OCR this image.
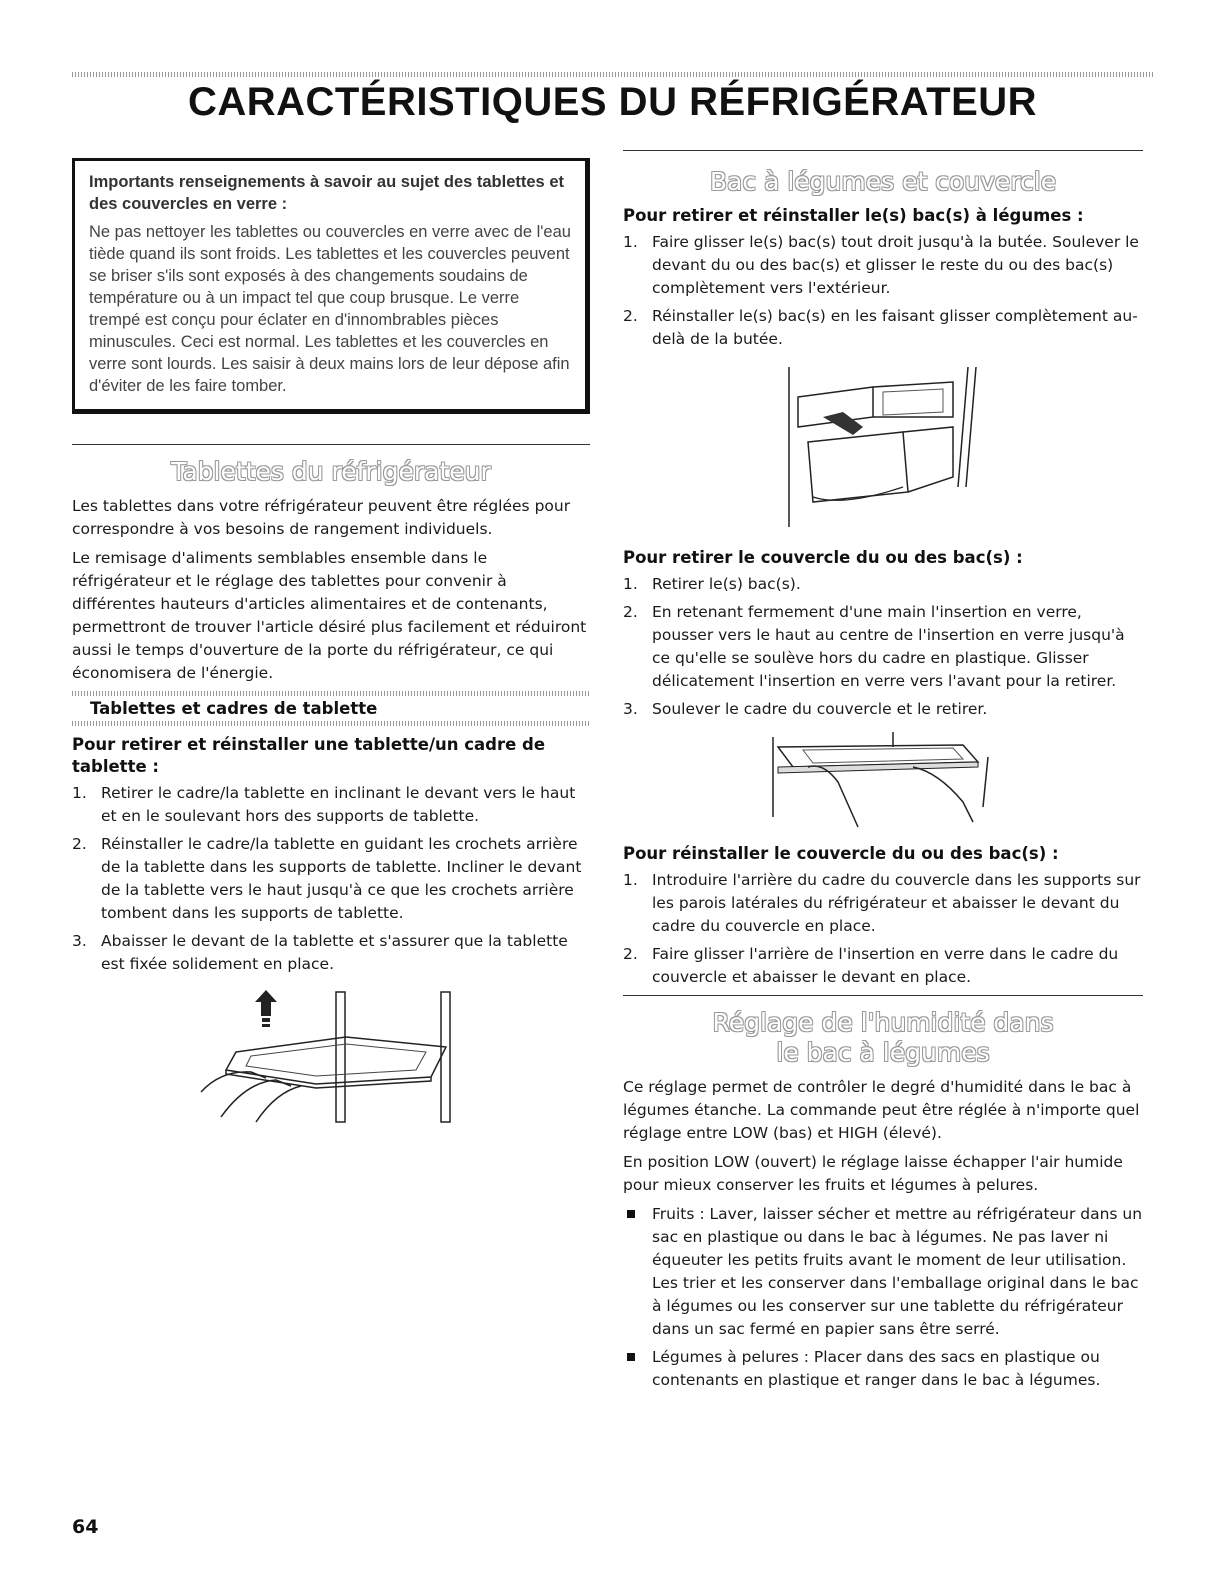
CARACTÉRISTIQUES DU RÉFRIGÉRATEUR

Importants renseignements à savoir au sujet des tablettes et des couvercles en verre :

Ne pas nettoyer les tablettes ou couvercles en verre avec de l'eau tiède quand ils sont froids. Les tablettes et les couvercles peuvent se briser s'ils sont exposés à des changements soudains de température ou à un impact tel que coup brusque. Le verre trempé est conçu pour éclater en d'innombrables pièces minuscules. Ceci est normal. Les tablettes et les couvercles en verre sont lourds. Les saisir à deux mains lors de leur dépose afin d'éviter de les faire tomber.

Tablettes du réfrigérateur

Les tablettes dans votre réfrigérateur peuvent être réglées pour correspondre à vos besoins de rangement individuels.

Le remisage d'aliments semblables ensemble dans le réfrigérateur et le réglage des tablettes pour convenir à différentes hauteurs d'articles alimentaires et de contenants, permettront de trouver l'article désiré plus facilement et réduiront aussi le temps d'ouverture de la porte du réfrigérateur, ce qui économisera de l'énergie.

Tablettes et cadres de tablette
Pour retirer et réinstaller une tablette/un cadre de tablette :
1. Retirer le cadre/la tablette en inclinant le devant vers le haut et en le soulevant hors des supports de tablette.
2. Réinstaller le cadre/la tablette en guidant les crochets arrière de la tablette dans les supports de tablette. Incliner le devant de la tablette vers le haut jusqu'à ce que les crochets arrière tombent dans les supports de tablette.
3. Abaisser le devant de la tablette et s'assurer que la tablette est fixée solidement en place.
Bac à légumes et couvercle
Pour retirer et réinstaller le(s) bac(s) à légumes :
1. Faire glisser le(s) bac(s) tout droit jusqu'à la butée. Soulever le devant du ou des bac(s) et glisser le reste du ou des bac(s) complètement vers l'extérieur.
2. Réinstaller le(s) bac(s) en les faisant glisser complètement au-delà de la butée.
Pour retirer le couvercle du ou des bac(s) :
1. Retirer le(s) bac(s).
2. En retenant fermement d'une main l'insertion en verre, pousser vers le haut au centre de l'insertion en verre jusqu'à ce qu'elle se soulève hors du cadre en plastique. Glisser délicatement l'insertion en verre vers l'avant pour la retirer.
3. Soulever le cadre du couvercle et le retirer.
Pour réinstaller le couvercle du ou des bac(s) :
1. Introduire l'arrière du cadre du couvercle dans les supports sur les parois latérales du réfrigérateur et abaisser le devant du cadre du couvercle en place.
2. Faire glisser l'arrière de l'insertion en verre dans le cadre du couvercle et abaisser le devant en place.
Réglage de l'humidité dans
le bac à légumes

Ce réglage permet de contrôler le degré d'humidité dans le bac à légumes étanche. La commande peut être réglée à n'importe quel réglage entre LOW (bas) et HIGH (élevé).

En position LOW (ouvert) le réglage laisse échapper l'air humide pour mieux conserver les fruits et légumes à pelures.

Fruits : Laver, laisser sécher et mettre au réfrigérateur dans un sac en plastique ou dans le bac à légumes. Ne pas laver ni équeuter les petits fruits avant le moment de leur utilisation. Les trier et les conserver dans l'emballage original dans le bac à légumes ou les conserver sur une tablette du réfrigérateur dans un sac fermé en papier sans être serré.
Légumes à pelures : Placer dans des sacs en plastique ou contenants en plastique et ranger dans le bac à légumes.
64
